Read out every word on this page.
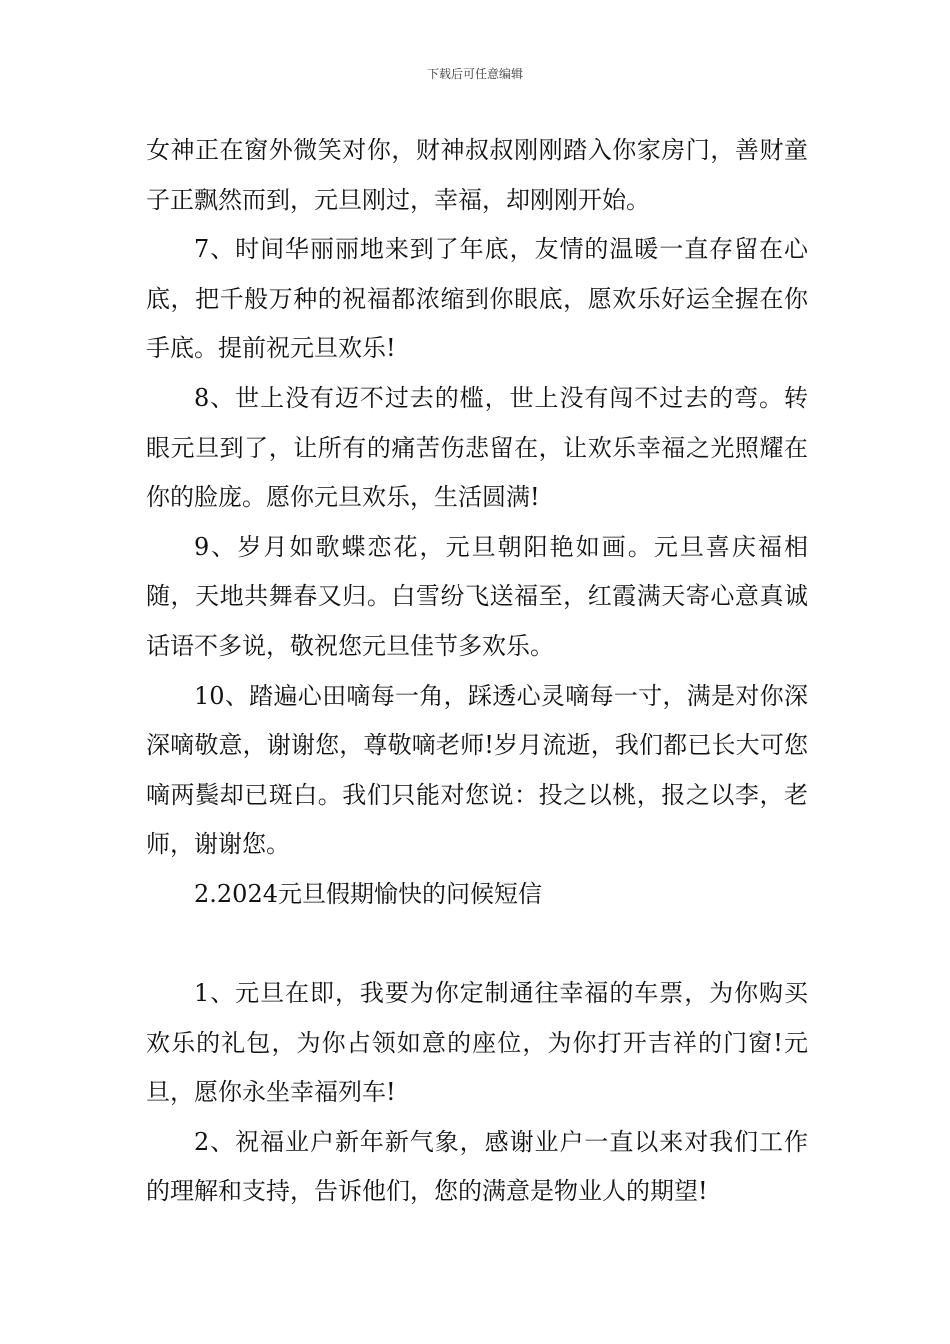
下载后可任意编辑

女神正在窗外微笑对你，财神叔叔刚刚踏入你家房门，善财童子正飘然而到，元旦刚过，幸福，却刚刚开始。

7、时间华丽丽地来到了年底，友情的温暖一直存留在心底，把千般万种的祝福都浓缩到你眼底，愿欢乐好运全握在你手底。提前祝元旦欢乐!

8、世上没有迈不过去的槛，世上没有闯不过去的弯。转眼元旦到了，让所有的痛苦伤悲留在，让欢乐幸福之光照耀在你的脸庞。愿你元旦欢乐，生活圆满!

9、岁月如歌蝶恋花，元旦朝阳艳如画。元旦喜庆福相随，天地共舞春又归。白雪纷飞送福至，红霞满天寄心意真诚话语不多说，敬祝您元旦佳节多欢乐。

10、踏遍心田嘀每一角，踩透心灵嘀每一寸，满是对你深深嘀敬意，谢谢您，尊敬嘀老师!岁月流逝，我们都已长大可您嘀两鬓却已斑白。我们只能对您说：投之以桃，报之以李，老师，谢谢您。

2.2024元旦假期愉快的问候短信

1、元旦在即，我要为你定制通往幸福的车票，为你购买欢乐的礼包，为你占领如意的座位，为你打开吉祥的门窗!元旦，愿你永坐幸福列车!

2、祝福业户新年新气象，感谢业户一直以来对我们工作的理解和支持，告诉他们，您的满意是物业人的期望!
